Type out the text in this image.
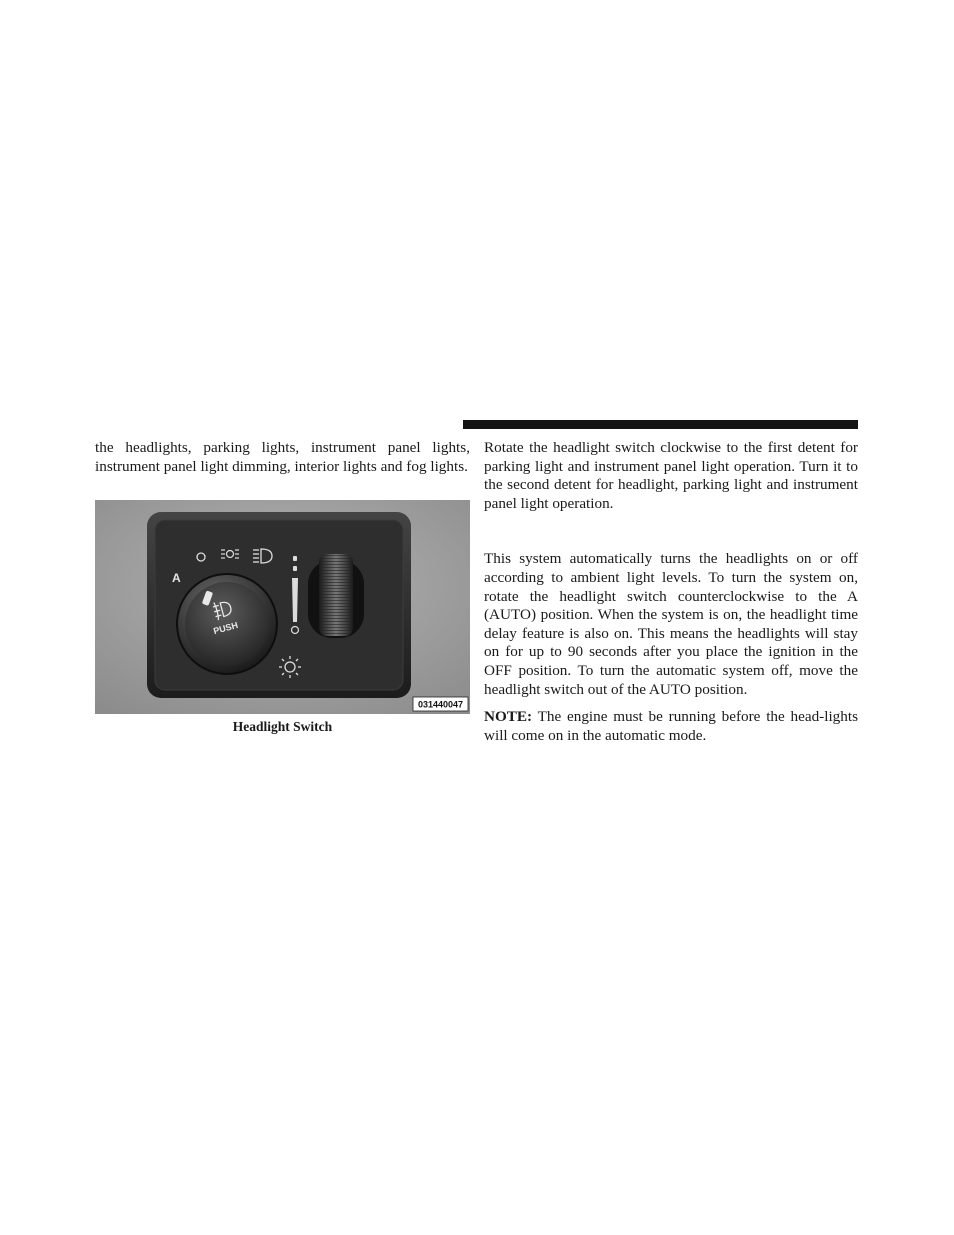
the headlights, parking lights, instrument panel lights, instrument panel light dimming, interior lights and fog lights.

A
PUSH
031440047
Headlight Switch

Rotate the headlight switch clockwise to the first detent for parking light and instrument panel light operation. Turn it to the second detent for headlight, parking light and instrument panel light operation.

This system automatically turns the headlights on or off according to ambient light levels. To turn the system on, rotate the headlight switch counterclockwise to the A (AUTO) position. When the system is on, the headlight time delay feature is also on. This means the headlights will stay on for up to 90 seconds after you place the ignition in the OFF position. To turn the automatic system off, move the headlight switch out of the AUTO position.

NOTE: The engine must be running before the head-lights will come on in the automatic mode.
